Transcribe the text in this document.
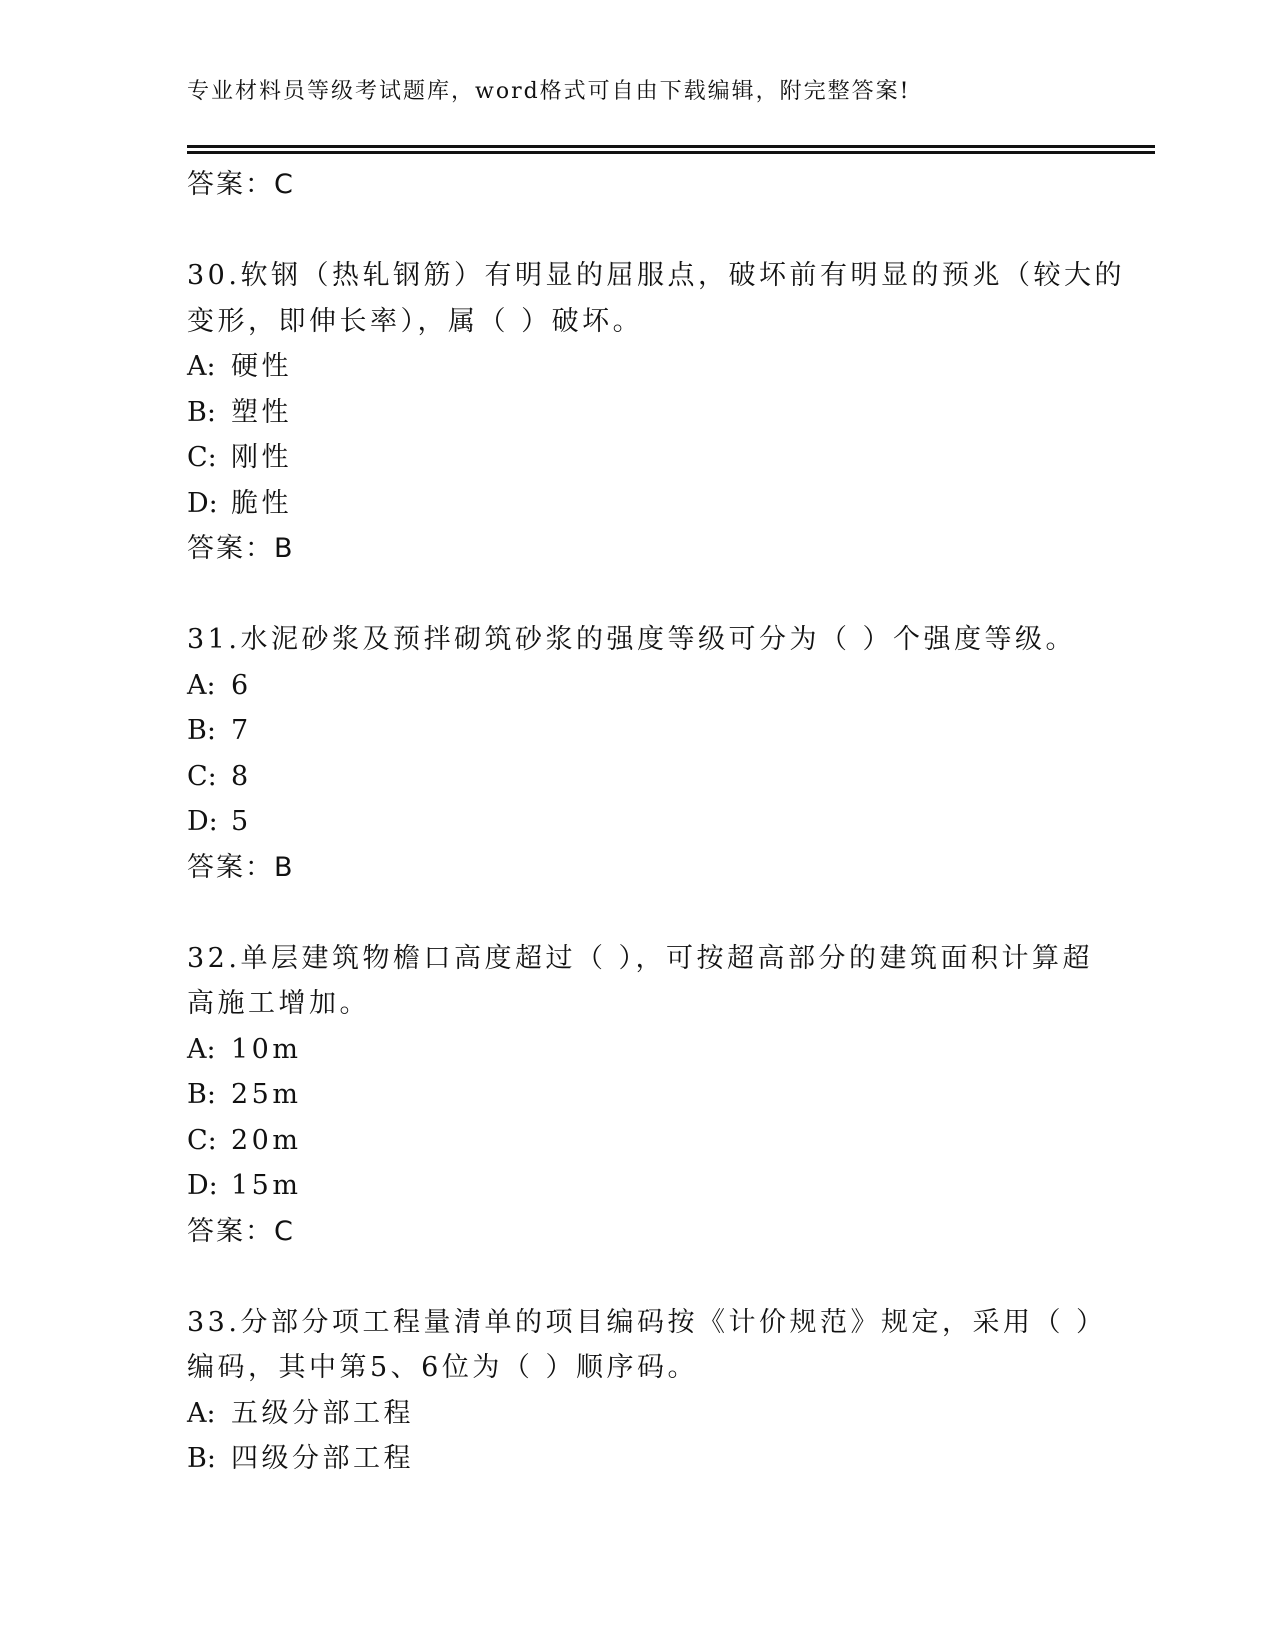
专业材料员等级考试题库，word格式可自由下载编辑，附完整答案!
答案：C
30.软钢（热轧钢筋）有明显的屈服点，破坏前有明显的预兆（较大的
变形，即伸长率），属（ ）破坏。
A: 硬性
B: 塑性
C: 刚性
D: 脆性
答案：B
31.水泥砂浆及预拌砌筑砂浆的强度等级可分为（ ）个强度等级。
A: 6
B: 7
C: 8
D: 5
答案：B
32.单层建筑物檐口高度超过（ ），可按超高部分的建筑面积计算超
高施工增加。
A: 10m
B: 25m
C: 20m
D: 15m
答案：C
33.分部分项工程量清单的项目编码按《计价规范》规定，采用（ ）
编码，其中第5、6位为（ ）顺序码。
A: 五级分部工程
B: 四级分部工程
